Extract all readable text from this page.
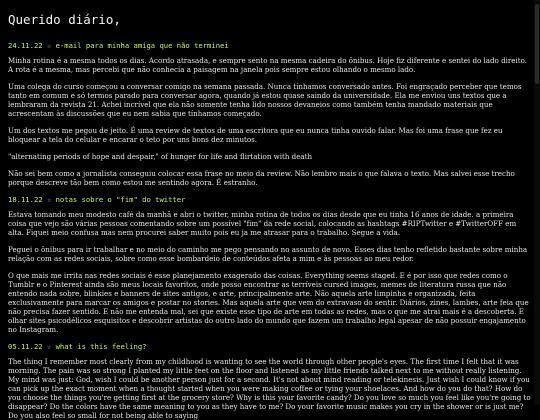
Querido diário,
24.11.22 ☆ e-mail para minha amiga que não terminei

Minha rotina é a mesma todos os dias. Acordo atrasada, e sempre sento na mesma cadeira do ônibus. Hoje fiz diferente e sentei do lado direito. A rota é a mesma, mas percebi que não conhecia a paisagem na janela pois sempre estou olhando o mesmo lado.

Uma colega do curso começou a conversar comigo na semana passada. Nunca tínhamos conversado antes. Foi engraçado perceber que temos tanto em comum e só termos parado para conversar agora, quando já estou quase saindo da universidade. Ela me enviou uns textos que a lembraram da revista 21. Achei incrível que ela não somente tenha lido nossos devaneios como também tenha mandado materiais que acrescentam às discussões que eu nem sabia que tínhamos começado.

Um dos textos me pegou de jeito. É uma review de textos de uma escritora que eu nunca tinha ouvido falar. Mas foi uma frase que fez eu bloquear a tela do celular e encarar o teto por uns bons dez minutos.

"alternating periods of hope and despair," of hunger for life and flirtation with death

Não sei bem como a jornalista conseguiu colocar essa frase no meio da review. Não lembro mais o que falava o texto. Mas salvei esse trecho porque descreve tão bem como estou me sentindo agora. É estranho.

18.11.22 ☆ notas sobre o "fim" do twitter

Estava tomando meu modesto café da manhã e abri o twitter, minha rotina de todos os dias desde que eu tinha 16 anos de idade. a primeira coisa que vejo são várias pessoas comentando sobre um possível "fim" da rede social, colocando as hashtags #RIPTwitter e #TwitterOFF em alta. Fiquei meio confusa mas nem procurei saber muito pois eu ja me atrasar para o trabalho. Segue a vida.

Peguei o ônibus para ir trabalhar e no meio do caminho me pego pensando no assunto de novo. Esses dias tenho refletido bastante sobre minha relação com as redes sociais, sobre como esse bombardeio de conteúdos afeta a mim e às pessoas ao meu redor.

O que mais me irrita nas redes sociais é esse planejamento exagerado das coisas. Everything seems staged. E é por isso que redes como o Tumblr e o Pinterest ainda são meus locais favoritos, onde posso encontrar as terríveis cursed images, memes de literatura russa que não entendo nada sobre, blinkies e banners de sites antigos, e arte, principalmente arte. Não aquela arte limpinha e organizada, feita exclusivamente para marcar os amigos e postar no stories. Mas aquela arte que vem do extravaso do sentir. Diários, zines, lambes, arte feia que não precisa fazer sentido. E não me entenda mal, sei que existe esse tipo de arte em todas as redes, mas o que me atrai mais é a descoberta. E olhar sites psicodélicos esquisitos e descobrir artistas do outro lado do mundo que fazem um trabalho legal apesar de não possuir engajamento no Instagram.

05.11.22 ☆ what is this feeling?

The thing I remember most clearly from my childhood is wanting to see the world through other people's eyes. The first time I felt that it was morning. The pain was so strong I planted my little feet on the floor and listened as my little friends talked next to me without really listening. My mind was just: God, wish I could be another person just for a second. It's not about mind reading or telekinesis. Just wish I could know if you can pick up the exact moment when a thought started when you were making coffee or tying your shoelaces. And how do you do that? How do you choose the things you're getting first at the grocery store? Why is this your favorite candy? Do you love so much you feel like you're going to disappear? Do the colors have the same meaning to you as they have to me? Do your favorite music makes you cry in the shower or is just me? Do you also feel so small for not being able to saying
